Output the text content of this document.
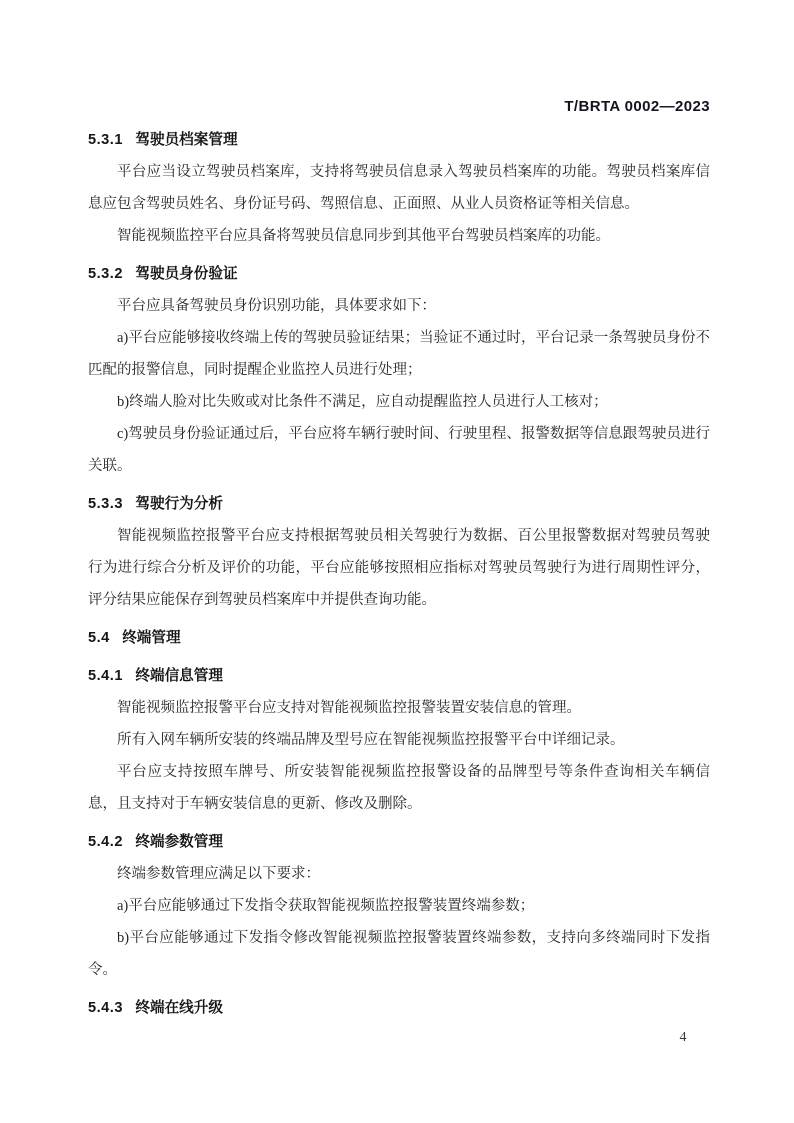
T/BRTA 0002—2023
5.3.1 驾驶员档案管理

平台应当设立驾驶员档案库，支持将驾驶员信息录入驾驶员档案库的功能。驾驶员档案库信息应包含驾驶员姓名、身份证号码、驾照信息、正面照、从业人员资格证等相关信息。

智能视频监控平台应具备将驾驶员信息同步到其他平台驾驶员档案库的功能。

5.3.2 驾驶员身份验证

平台应具备驾驶员身份识别功能，具体要求如下：

a)平台应能够接收终端上传的驾驶员验证结果；当验证不通过时，平台记录一条驾驶员身份不匹配的报警信息，同时提醒企业监控人员进行处理；

b)终端人脸对比失败或对比条件不满足，应自动提醒监控人员进行人工核对；

c)驾驶员身份验证通过后，平台应将车辆行驶时间、行驶里程、报警数据等信息跟驾驶员进行关联。

5.3.3 驾驶行为分析

智能视频监控报警平台应支持根据驾驶员相关驾驶行为数据、百公里报警数据对驾驶员驾驶行为进行综合分析及评价的功能，平台应能够按照相应指标对驾驶员驾驶行为进行周期性评分，评分结果应能保存到驾驶员档案库中并提供查询功能。

5.4 终端管理
5.4.1 终端信息管理

智能视频监控报警平台应支持对智能视频监控报警装置安装信息的管理。

所有入网车辆所安装的终端品牌及型号应在智能视频监控报警平台中详细记录。

平台应支持按照车牌号、所安装智能视频监控报警设备的品牌型号等条件查询相关车辆信息，且支持对于车辆安装信息的更新、修改及删除。

5.4.2 终端参数管理

终端参数管理应满足以下要求：

a)平台应能够通过下发指令获取智能视频监控报警装置终端参数；

b)平台应能够通过下发指令修改智能视频监控报警装置终端参数，支持向多终端同时下发指令。

5.4.3 终端在线升级
4
